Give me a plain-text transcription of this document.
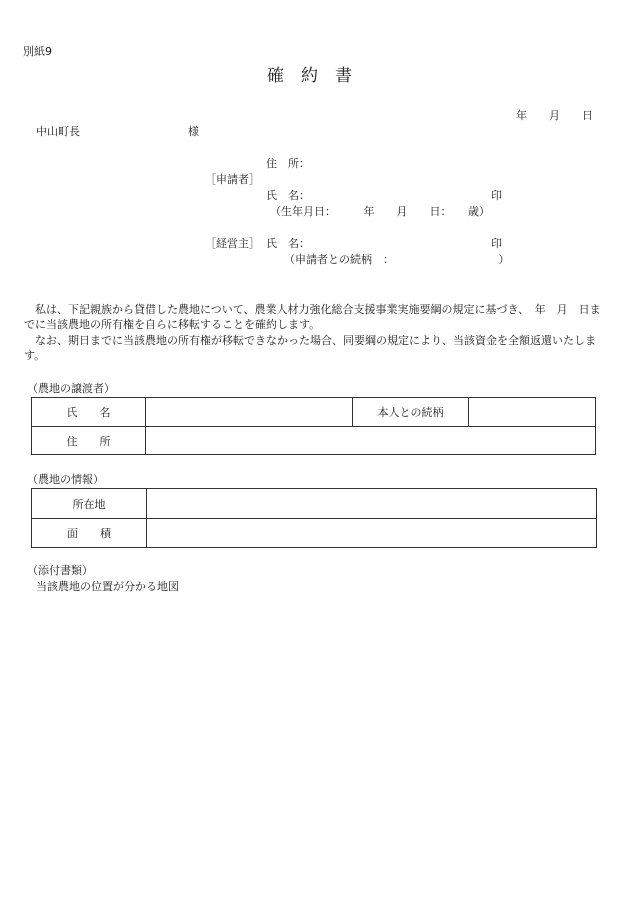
別紙9
確　約　書
年　　月　　日
中山町長	様
住　所：
［申請者］
氏　名：	印
（生年月日：　　　年　　月　　日：　　歳）
［経営主］ 氏　名：	印
（申請者との続柄　：　　　　　　　　　　）
　私は、下記親族から貸借した農地について、農業人材力強化総合支援事業実施要綱の規定に基づき、　年　月　日までに当該農地の所有権を自らに移転することを確約します。
　なお、期日までに当該農地の所有権が移転できなかった場合、同要綱の規定により、当該資金を全額返還いたします。
（農地の譲渡者）
氏　　名		本人との続柄	
住　　所			
（農地の情報）
所在地	
面　　積	
（添付書類）
当該農地の位置が分かる地図
